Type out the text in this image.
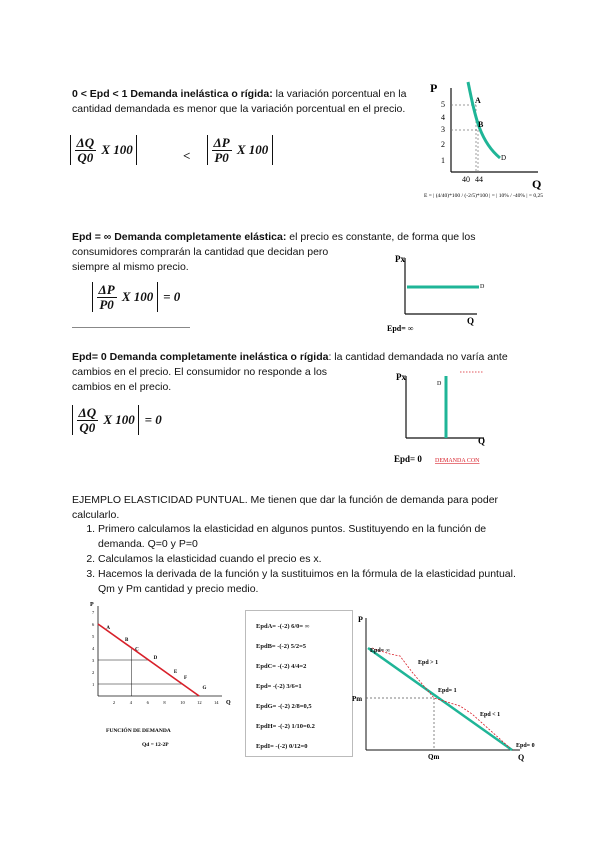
0 < Epd < 1 Demanda inelástica o rígida: la variación porcentual en la cantidad demandada es menor que la variación porcentual en el precio.

$\frac{\Delta Q}{Q0}$ X 100	<
$\frac{\Delta P}{P0}$ X 100
P
Q
5
4
3
2
1
40 44
A
B
D
E = | (4/40)*100 / (-2/5)*100 | = | 10% / -40% | = 0,25
Epd = ∞ Demanda completamente elástica: el precio es constante, de forma que los consumidores comprarán la cantidad que decidan pero
siempre al mismo precio.

$\frac{\Delta P}{P0}$ X 100 = 0
Px
Q
D
Epd= ∞
Epd= 0 Demanda completamente inelástica o rígida: la cantidad demandada no varía ante cambios en el precio. El consumidor no responde a los
cambios en el precio.

$\frac{\Delta Q}{Q0}$ X 100 = 0
Px
Q
D
Epd= 0 DEMANDA CON
EJEMPLO ELASTICIDAD PUNTUAL. Me tienen que dar la función de demanda para poder calcularlo.
1. Primero calculamos la elasticidad en algunos puntos. Sustituyendo en la función de demanda. Q=0 y P=0
2. Calculamos la elasticidad cuando el precio es x.
3. Hacemos la derivada de la función y la sustituimos en la fórmula de la elasticidad puntual. Qm y Pm cantidad y precio medio.
P
Q
1
2
3
4
5
6
7
2	4	6	8	10	12	14
A
B
C
D
E
F
G
FUNCIÓN DE DEMANDA
Qd = 12-2P
EpdA= -(-2) 6/0= ∞
EpdB= -(-2) 5/2=5
EpdC= -(-2) 4/4=2
Epd= -(-2) 3/6=1
EpdG= -(-2) 2/8=0,5
EpdH= -(-2) 1/10=0.2
EpdI= -(-2) 0/12=0
P
Q
Pm
Qm
Epd= ∞
Epd > 1
Epd= 1
Epd < 1
Epd= 0
